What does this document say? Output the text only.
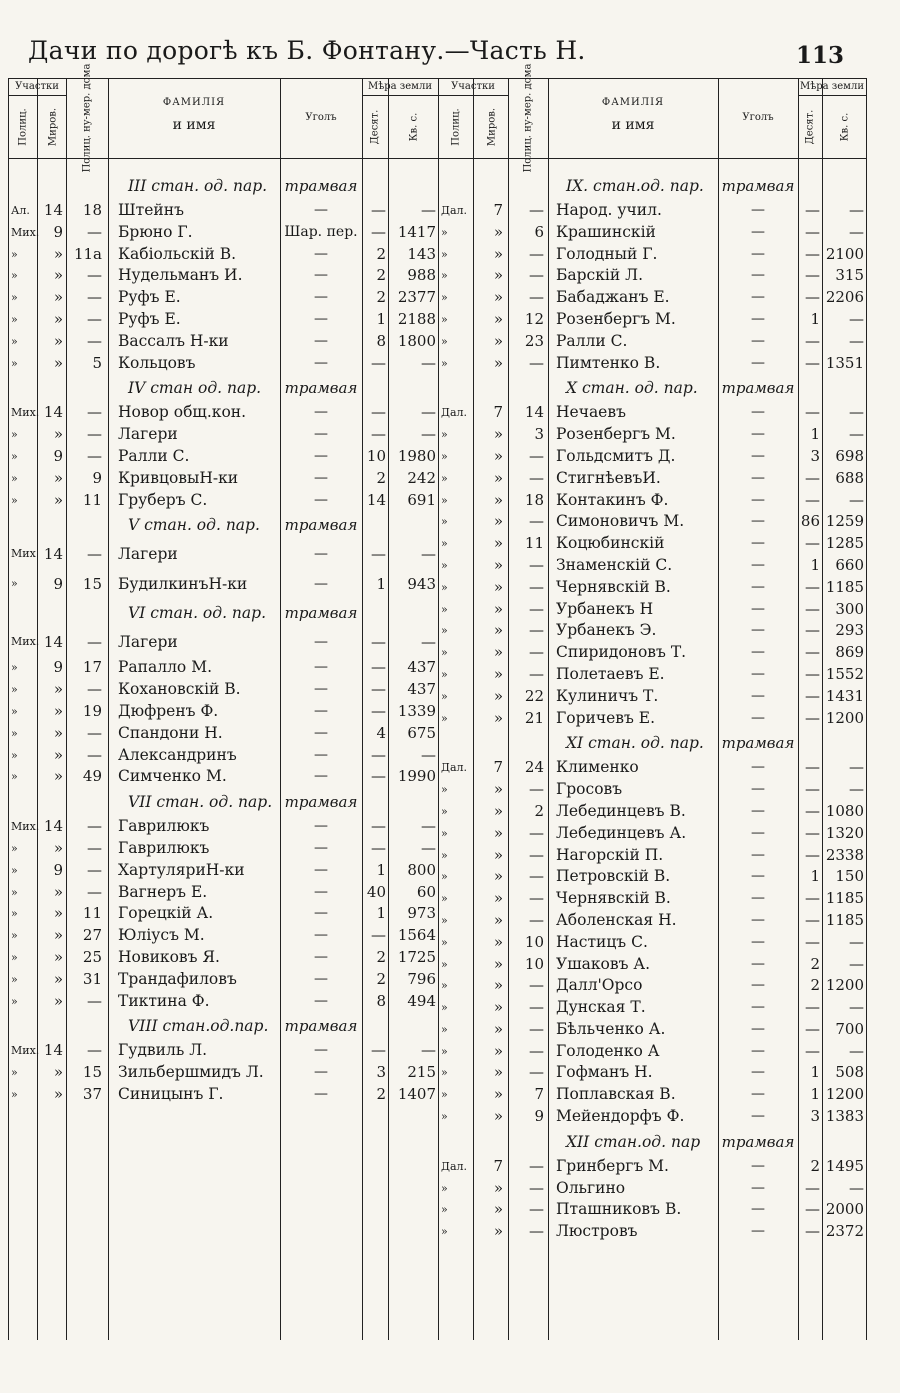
Дачи по дорогѣ къ Б. Фонтану.—Часть Н.	113
Участки
Полиц. Миров. Полиц. ну-мер. дома	ФАМИЛІЯ
и имя	Уголъ
Мѣра земли
Десят.	Кв. с.
III стан. од. пар.	трамвая
Ал. 14	18 Штейнъ	—	—	—
Мих. 9	— Брюно Г.	Шар. пер. — 1417
»	» 11а Кабіольскій В.	—	2	143
»	»	— Нудельманъ И.	—	2	988
»	»	— Руфъ Е.	—	2 2377
»	»	— Руфъ Е.	—	1 2188
»	»	— Вассалъ Н-ки	—	8 1800
»	»	5 Кольцовъ	—	—	—
IV стан од. пар.	трамвая
Мих. 14	— Новор общ.кон.	—	—	—
»	»	— Лагери	—	—	—
»	9	— Ралли С.	—	10 1980
»	»	9 КривцовыН-ки	—	2	242
»	»	11 Груберъ С.	—	14	691
V стан. од. пар.	трамвая
Мих 14	— Лагери	—	—	—
»	9	15 БудилкинъН-ки	—	1	943
VI стан. од. пар.	трамвая
Мих. 14	— Лагери	—	—	—
»	9	17 Рапалло М.	—	—	437
»	»	— Кохановскій В.	—	—	437
»	»	19 Дюфренъ Ф.	—	— 1339
»	»	— Спандони Н.	—	4	675
»	»	— Александринъ	—	—	—
»	»	49 Симченко М.	—	— 1990
VII стан. од. пар. трамвая
Мих. 14	— Гаврилюкъ	—	—	—
»	»	— Гаврилюкъ	—	—	—
»	9	— ХартуляриН-ки	—	1	800
»	»	— Вагнеръ Е.	—	40	60
»	»	11 Горецкій А.	—	1	973
»	»	27 Юліусъ М.	—	— 1564
»	»	25 Новиковъ Я.	—	2 1725
»	»	31 Трандафиловъ	—	2	796
»	»	— Тиктина Ф.	—	8	494
VIII стан.од.пар.	трамвая
Мих. 14	— Гудвиль Л.	—	—	—
»	»	15 Зильбершмидъ Л.	—	3	215
»	»	37 Синицынъ Г.	—	2 1407
Участки
Полиц.	Миров.	Полиц. ну-мер. дома	ФАМИЛІЯ
и имя	Уголъ
Мѣра земли
Десят. Кв. с.
IX. стан.од. пар.	трамвая
Дал.	7	— Народ. учил.	—	—	—
»	»	6 Крашинскій	—	—	—
»	»	— Голодный Г.	—	— 2100
»	»	— Барскій Л.	—	—	315
»	»	— Бабаджанъ Е.	—	— 2206
»	»	12 Розенбергъ М.	—	1	—
»	»	23 Ралли С.	—	—	—
»	»	— Пимтенко В.	—	— 1351
X стан. од. пар.	трамвая
Дал.	7	14 Нечаевъ	—	—	—
»	»	3 Розенбергъ М.	—	1	—
»	»	— Гольдсмитъ Д.	—	3	698
»	»	— СтигнѣевъИ.	—	—	688
»	»	18 Контакинъ Ф.	—	—	—
»	»	— Симоновичъ М.	—	86 1259
»	»	11 Коцюбинскій	—	— 1285
»	»	— Знаменскій С.	—	1	660
»	»	— Чернявскій В.	—	— 1185
»	»	— Урбанекъ Н	—	—	300
»	»	— Урбанекъ Э.	—	—	293
»	»	— Спиридоновъ Т.	—	—	869
»	»	— Полетаевъ Е.	—	— 1552
»	»	22 Кулиничъ Т.	—	— 1431
»	»	21 Горичевъ Е.	—	— 1200
XI стан. од. пар.	трамвая
Дал.	7	24 Клименко	—	—	—
»	»	— Гросовъ	—	—	—
»	»	2 Лебединцевъ В.	—	— 1080
»	»	— Лебединцевъ А.	—	— 1320
»	»	— Нагорскій П.	—	— 2338
»	»	— Петровскій В.	—	1	150
»	»	— Чернявскій В.	—	— 1185
»	»	— Аболенская Н.	—	— 1185
»	»	10 Настицъ С.	—	—	—
»	»	10 Ушаковъ А.	—	2	—
»	»	— Далл'Орсо	—	2 1200
»	»	— Дунская Т.	—	—	—
»	»	— Бѣльченко А.	—	—	700
»	»	— Голоденко А	—	—	—
»	»	— Гофманъ Н.	—	1	508
»	»	7 Поплавская В.	—	1 1200
»	»	9 Мейендорфъ Ф.	—	3 1383
XII стан.од. пар	трамвая
Дал.	7	— Гринбергъ М.	—	2 1495
»	»	— Ольгино	—	—	—
»	»	— Пташниковъ В.	—	— 2000
»	»	— Люстровъ	—	— 2372
